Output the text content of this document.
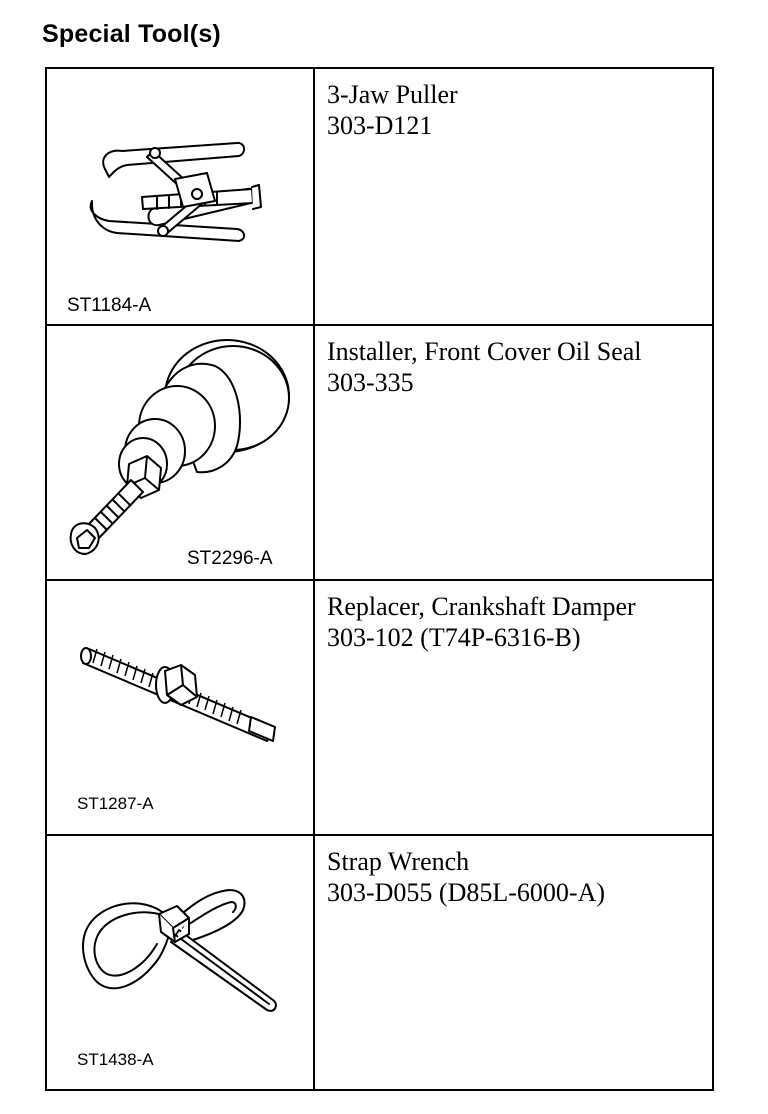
Special Tool(s)
ST1184-A
3-Jaw Puller
303-D121
ST2296-A
Installer, Front Cover Oil Seal
303-335
ST1287-A
Replacer, Crankshaft Damper
303-102 (T74P-6316-B)
ST1438-A
Strap Wrench
303-D055 (D85L-6000-A)
